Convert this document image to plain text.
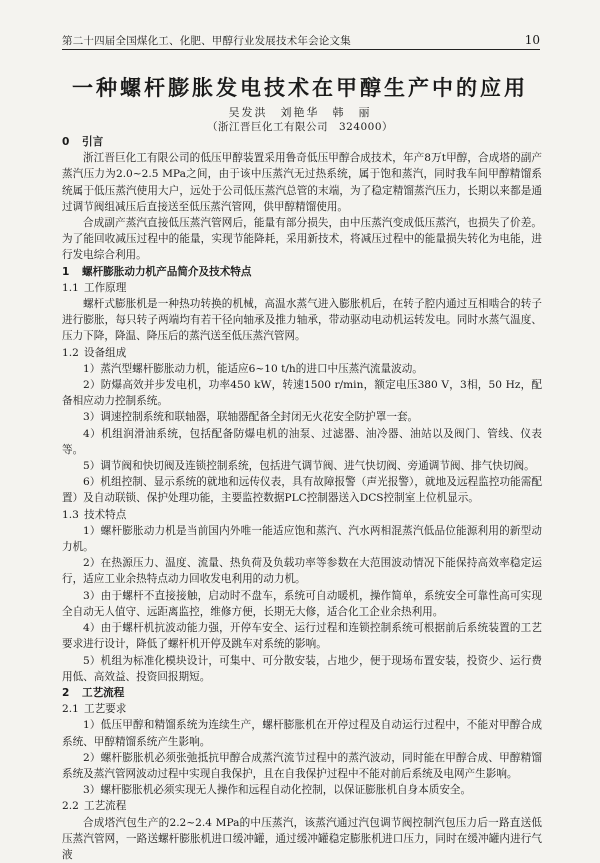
第二十四届全国煤化工、化肥、甲醇行业发展技术年会论文集	10
一种螺杆膨胀发电技术在甲醇生产中的应用
吴发洪　刘艳华　韩　丽
（浙江晋巨化工有限公司　324000）
0 引言

浙江晋巨化工有限公司的低压甲醇装置采用鲁奇低压甲醇合成技术，年产8万t甲醇，合成塔的副产蒸汽压力为2.0~2.5 MPa之间，由于该中压蒸汽无过热系统，属于饱和蒸汽，同时我车间甲醇精馏系统属于低压蒸汽使用大户，远处于公司低压蒸汽总管的末端，为了稳定精馏蒸汽压力，长期以来都是通过调节阀组减压后直接送至低压蒸汽管网，供甲醇精馏使用。

合成副产蒸汽直接低压蒸汽管网后，能量有部分损失，由中压蒸汽变成低压蒸汽，也损失了价差。为了能回收减压过程中的能量，实现节能降耗，采用新技术，将减压过程中的能量损失转化为电能，进行发电综合利用。

1 螺杆膨胀动力机产品简介及技术特点
1.1 工作原理

螺杆式膨胀机是一种热功转换的机械，高温水蒸气进入膨胀机后，在转子腔内通过互相啮合的转子进行膨胀，每只转子两端均有若干径向轴承及推力轴承，带动驱动电动机运转发电。同时水蒸气温度、压力下降，降温、降压后的蒸汽送至低压蒸汽管网。

1.2 设备组成

1）蒸汽型螺杆膨胀动力机，能适应6~10 t/h的进口中压蒸汽流量波动。

2）防爆高效并步发电机，功率450 kW，转速1500 r/min，额定电压380 V，3相，50 Hz，配备相应动力控制系统。

3）调速控制系统和联轴器，联轴器配备全封闭无火花安全防护罩一套。

4）机组润滑油系统，包括配备防爆电机的油泵、过滤器、油冷器、油站以及阀门、管线、仪表等。

5）调节阀和快切阀及连锁控制系统，包括进气调节阀、进气快切阀、旁通调节阀、排气快切阀。

6）机组控制、显示系统的就地和远传仪表，具有故障报警（声光报警），就地及远程监控功能需配置）及自动联锁、保护处理功能，主要监控数据PLC控制器送入DCS控制室上位机显示。

1.3 技术特点

1）螺杆膨胀动力机是当前国内外唯一能适应饱和蒸汽、汽水两相混蒸汽低品位能源利用的新型动力机。

2）在热源压力、温度、流量、热负荷及负载功率等参数在大范围波动情况下能保持高效率稳定运行，适应工业余热特点动力回收发电利用的动力机。

3）由于螺杆不直接接触，启动时不盘车，系统可自动暖机，操作简单，系统安全可靠性高可实现全自动无人值守、远距离监控，维修方便，长期无大修，适合化工企业余热利用。

4）由于螺杆机抗波动能力强，开停车安全、运行过程和连锁控制系统可根据前后系统装置的工艺要求进行设计，降低了螺杆机开停及跳车对系统的影响。

5）机组为标准化模块设计，可集中、可分散安装，占地少，便于现场布置安装，投资少、运行费用低、高效益、投资回报期短。

2 工艺流程
2.1 工艺要求

1）低压甲醇和精馏系统为连续生产，螺杆膨胀机在开停过程及自动运行过程中，不能对甲醇合成系统、甲醇精馏系统产生影响。

2）螺杆膨胀机必须张弛抵抗甲醇合成蒸汽流节过程中的蒸汽波动，同时能在甲醇合成、甲醇精馏系统及蒸汽管网波动过程中实现自我保护，且在自我保护过程中不能对前后系统及电网产生影响。

3）螺杆膨胀机必须实现无人操作和远程自动化控制，以保证膨胀机自身本质安全。

2.2 工艺流程

合成塔汽包生产的2.2~2.4 MPa的中压蒸汽，该蒸汽通过汽包调节阀控制汽包压力后一路直送低压蒸汽管网，一路送螺杆膨胀机进口缓冲罐，通过缓冲罐稳定膨胀机进口压力，同时在缓冲罐内进行气液
